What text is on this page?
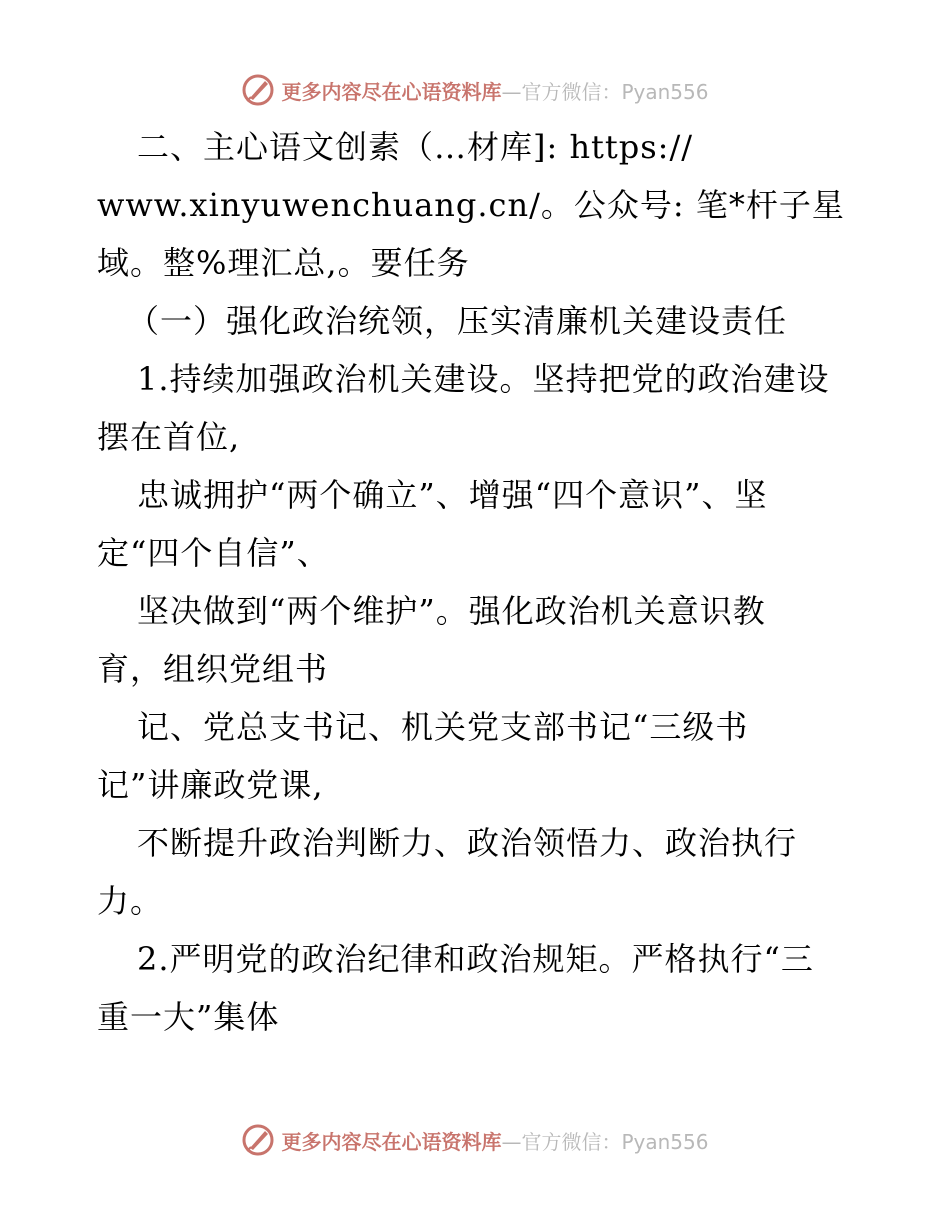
更多内容尽在心语资料库—官方微信：Pyan556
二、主心语文创素（…材库]: https://
www.xinyuwenchuang.cn/。公众号: 笔*杆子星
域。整%理汇总,。要任务
（一）强化政治统领，压实清廉机关建设责任
1.持续加强政治机关建设。坚持把党的政治建设
摆在首位,
忠诚拥护“两个确立”、增强“四个意识”、坚
定“四个自信”、
坚决做到“两个维护”。强化政治机关意识教
育，组织党组书
记、党总支书记、机关党支部书记“三级书
记”讲廉政党课,
不断提升政治判断力、政治领悟力、政治执行
力。
2.严明党的政治纪律和政治规矩。严格执行“三
重一大”集体
更多内容尽在心语资料库—官方微信：Pyan556
